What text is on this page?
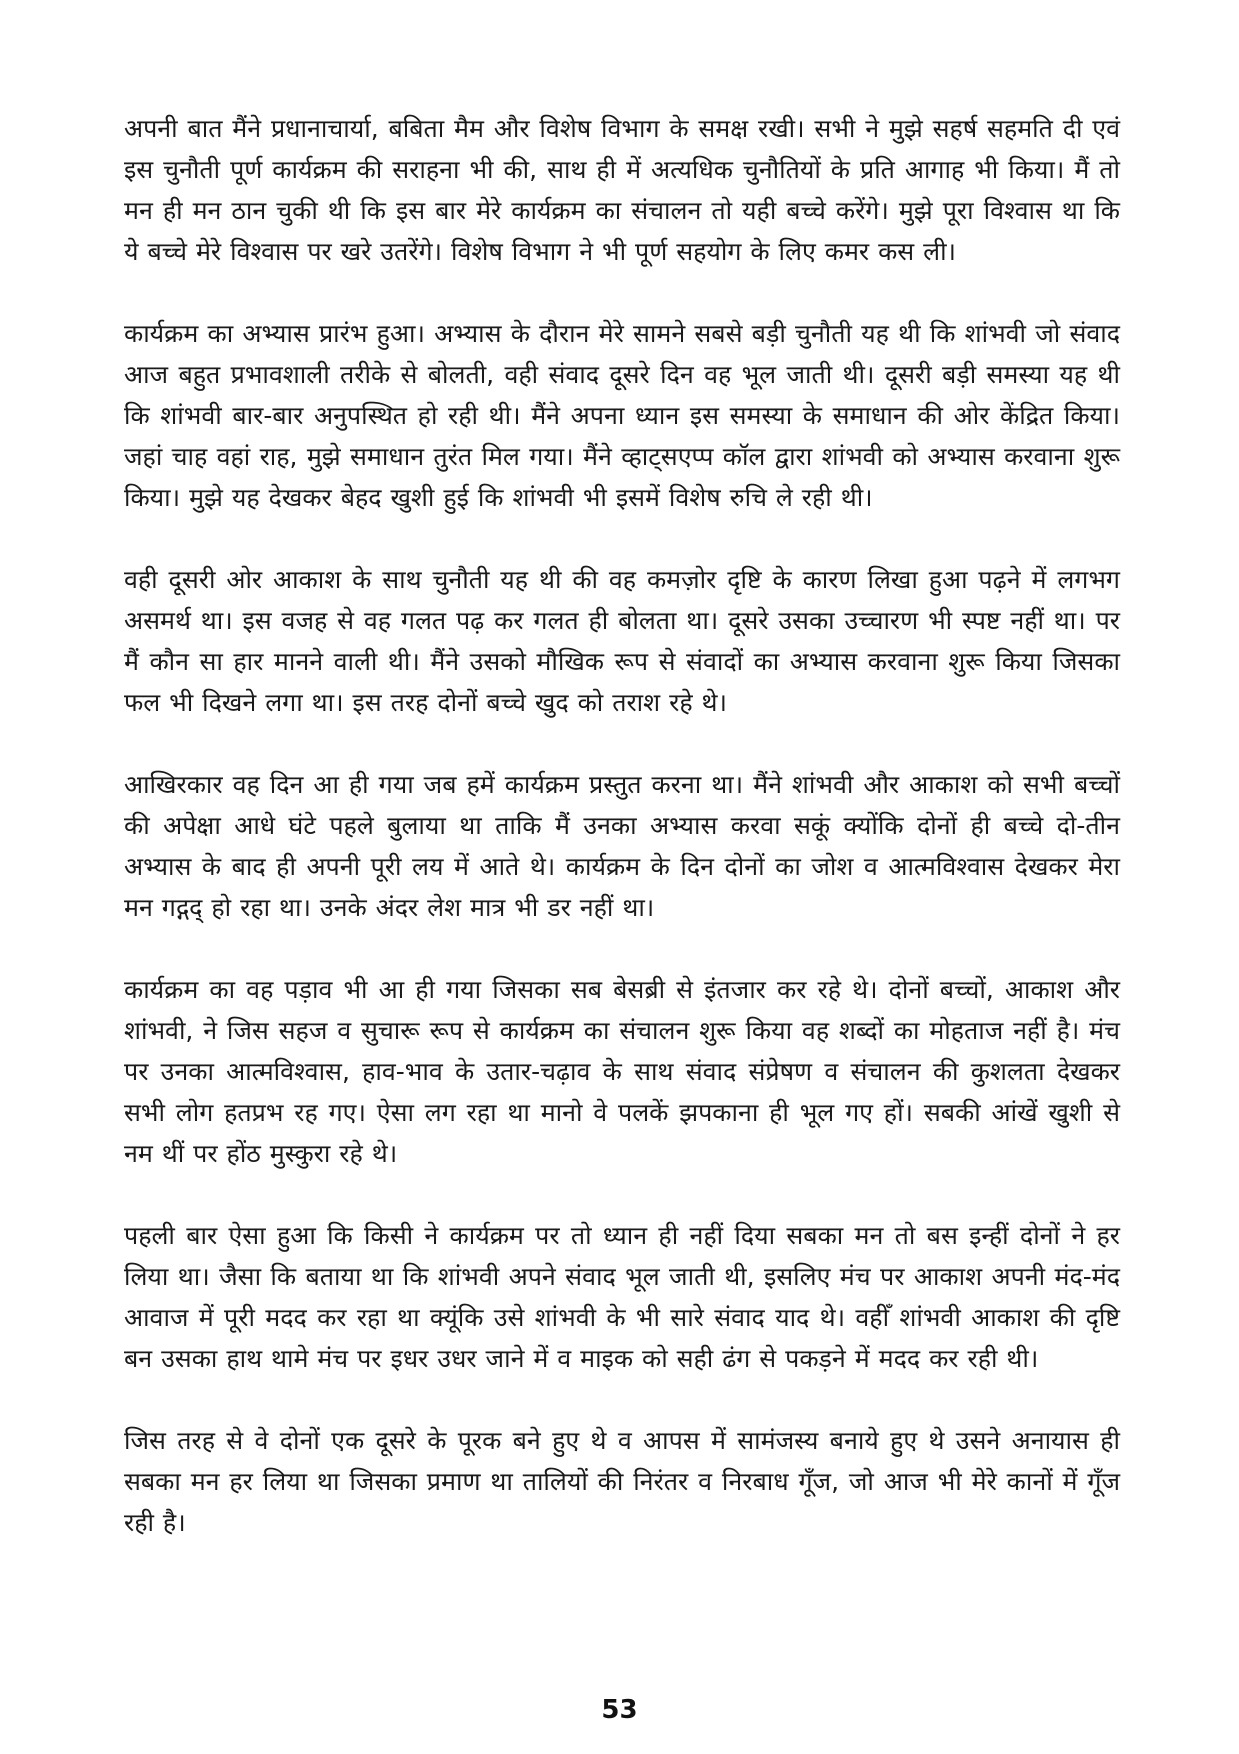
अपनी बात मैंने प्रधानाचार्या, बबिता मैम और विशेष विभाग के समक्ष रखी। सभी ने मुझे सहर्ष सहमति दी एवं इस चुनौती पूर्ण कार्यक्रम की सराहना भी की, साथ ही में अत्यधिक चुनौतियों के प्रति आगाह भी किया। मैं तो मन ही मन ठान चुकी थी कि इस बार मेरे कार्यक्रम का संचालन तो यही बच्चे करेंगे। मुझे पूरा विश्वास था कि ये बच्चे मेरे विश्वास पर खरे उतरेंगे। विशेष विभाग ने भी पूर्ण सहयोग के लिए कमर कस ली।

कार्यक्रम का अभ्यास प्रारंभ हुआ। अभ्यास के दौरान मेरे सामने सबसे बड़ी चुनौती यह थी कि शांभवी जो संवाद आज बहुत प्रभावशाली तरीके से बोलती, वही संवाद दूसरे दिन वह भूल जाती थी। दूसरी बड़ी समस्या यह थी कि शांभवी बार-बार अनुपस्थित हो रही थी। मैंने अपना ध्यान इस समस्या के समाधान की ओर केंद्रित किया। जहां चाह वहां राह, मुझे समाधान तुरंत मिल गया। मैंने व्हाट्सएप्प कॉल द्वारा शांभवी को अभ्यास करवाना शुरू किया। मुझे यह देखकर बेहद खुशी हुई कि शांभवी भी इसमें विशेष रुचि ले रही थी।

वही दूसरी ओर आकाश के साथ चुनौती यह थी की वह कमज़ोर दृष्टि के कारण लिखा हुआ पढ़ने में लगभग असमर्थ था। इस वजह से वह गलत पढ़ कर गलत ही बोलता था। दूसरे उसका उच्चारण भी स्पष्ट नहीं था। पर मैं कौन सा हार मानने वाली थी। मैंने उसको मौखिक रूप से संवादों का अभ्यास करवाना शुरू किया जिसका फल भी दिखने लगा था। इस तरह दोनों बच्चे खुद को तराश रहे थे।

आखिरकार वह दिन आ ही गया जब हमें कार्यक्रम प्रस्तुत करना था। मैंने शांभवी और आकाश को सभी बच्चों की अपेक्षा आधे घंटे पहले बुलाया था ताकि मैं उनका अभ्यास करवा सकूं क्योंकि दोनों ही बच्चे दो-तीन अभ्यास के बाद ही अपनी पूरी लय में आते थे। कार्यक्रम के दिन दोनों का जोश व आत्मविश्वास देखकर मेरा मन गद्गद् हो रहा था। उनके अंदर लेश मात्र भी डर नहीं था।

कार्यक्रम का वह पड़ाव भी आ ही गया जिसका सब बेसब्री से इंतजार कर रहे थे। दोनों बच्चों, आकाश और शांभवी, ने जिस सहज व सुचारू रूप से कार्यक्रम का संचालन शुरू किया वह शब्दों का मोहताज नहीं है। मंच पर उनका आत्मविश्वास, हाव-भाव के उतार-चढ़ाव के साथ संवाद संप्रेषण व संचालन की कुशलता देखकर सभी लोग हतप्रभ रह गए। ऐसा लग रहा था मानो वे पलकें झपकाना ही भूल गए हों। सबकी आंखें खुशी से नम थीं पर होंठ मुस्कुरा रहे थे।

पहली बार ऐसा हुआ कि किसी ने कार्यक्रम पर तो ध्यान ही नहीं दिया सबका मन तो बस इन्हीं दोनों ने हर लिया था। जैसा कि बताया था कि शांभवी अपने संवाद भूल जाती थी, इसलिए मंच पर आकाश अपनी मंद-मंद आवाज में पूरी मदद कर रहा था क्यूंकि उसे शांभवी के भी सारे संवाद याद थे। वहीँ शांभवी आकाश की दृष्टि बन उसका हाथ थामे मंच पर इधर उधर जाने में व माइक को सही ढंग से पकड़ने में मदद कर रही थी।

जिस तरह से वे दोनों एक दूसरे के पूरक बने हुए थे व आपस में सामंजस्य बनाये हुए थे उसने अनायास ही सबका मन हर लिया था जिसका प्रमाण था तालियों की निरंतर व निरबाध गूँज, जो आज भी मेरे कानों में गूँज रही है।

53
